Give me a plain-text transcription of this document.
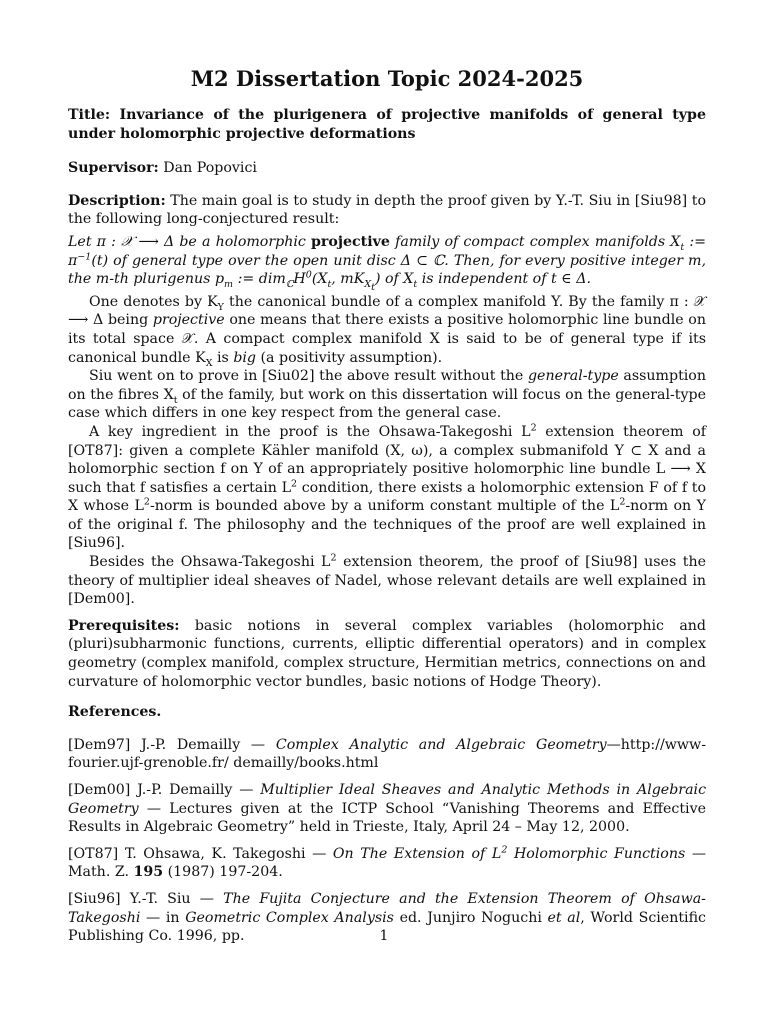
M2 Dissertation Topic 2024-2025
Title: Invariance of the plurigenera of projective manifolds of general type under holomorphic projective deformations
Supervisor: Dan Popovici

Description: The main goal is to study in depth the proof given by Y.-T. Siu in [Siu98] to the following long-conjectured result:

Let π : 𝒳 ⟶ Δ be a holomorphic projective family of compact complex manifolds $X_t$ := $\pi^{-1}(t)$ of general type over the open unit disc Δ ⊂ ℂ. Then, for every positive integer m, the m-th plurigenus $p_m$ := $dim_ℂH^0(X_t$, $mK_{X_t}$) of $X_t$ is independent of t ∈ Δ.

One denotes by $K_Y$ the canonical bundle of a complex manifold Y. By the family π : 𝒳 ⟶ Δ being projective one means that there exists a positive holomorphic line bundle on its total space 𝒳. A compact complex manifold X is said to be of general type if its canonical bundle $K_X$ is big (a positivity assumption).

Siu went on to prove in [Siu02] the above result without the general-type assumption on the fibres $X_t$ of the family, but work on this dissertation will focus on the general-type case which differs in one key respect from the general case.

A key ingredient in the proof is the Ohsawa-Takegoshi $L^2$ extension theorem of [OT87]: given a complete Kähler manifold (X, ω), a complex submanifold Y ⊂ X and a holomorphic section f on Y of an appropriately positive holomorphic line bundle L ⟶ X such that f satisfies a certain $L^2$ condition, there exists a holomorphic extension F of f to X whose $L^2$-norm is bounded above by a uniform constant multiple of the $L^2$-norm on Y of the original f. The philosophy and the techniques of the proof are well explained in [Siu96].

Besides the Ohsawa-Takegoshi $L^2$ extension theorem, the proof of [Siu98] uses the theory of multiplier ideal sheaves of Nadel, whose relevant details are well explained in [Dem00].

Prerequisites: basic notions in several complex variables (holomorphic and (pluri)subharmonic functions, currents, elliptic differential operators) and in complex geometry (complex manifold, complex structure, Hermitian metrics, connections on and curvature of holomorphic vector bundles, basic notions of Hodge Theory).

References.

[Dem97] J.-P. Demailly — Complex Analytic and Algebraic Geometry—http://www-fourier.ujf-grenoble.fr/ demailly/books.html

[Dem00] J.-P. Demailly — Multiplier Ideal Sheaves and Analytic Methods in Algebraic Geometry — Lectures given at the ICTP School “Vanishing Theorems and Effective Results in Algebraic Geometry” held in Trieste, Italy, April 24 – May 12, 2000.

[OT87] T. Ohsawa, K. Takegoshi — On The Extension of $L^2$ Holomorphic Functions — Math. Z. 195 (1987) 197-204.

[Siu96] Y.-T. Siu — The Fujita Conjecture and the Extension Theorem of Ohsawa-Takegoshi — in Geometric Complex Analysis ed. Junjiro Noguchi et al, World Scientific Publishing Co. 1996, pp.	1
